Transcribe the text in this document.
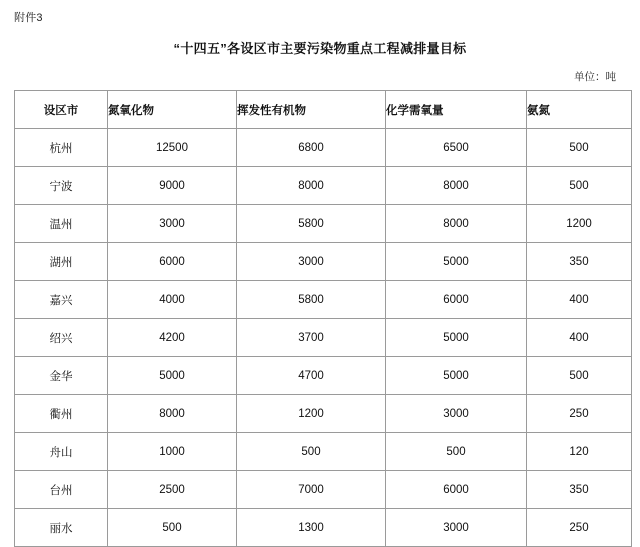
附件3
“十四五”各设区市主要污染物重点工程减排量目标
单位：吨
设区市	氮氧化物	挥发性有机物	化学需氧量	氨氮
杭州	12500	6800	6500	500
宁波	9000	8000	8000	500
温州	3000	5800	8000	1200
湖州	6000	3000	5000	350
嘉兴	4000	5800	6000	400
绍兴	4200	3700	5000	400
金华	5000	4700	5000	500
衢州	8000	1200	3000	250
舟山	1000	500	500	120
台州	2500	7000	6000	350
丽水	500	1300	3000	250
